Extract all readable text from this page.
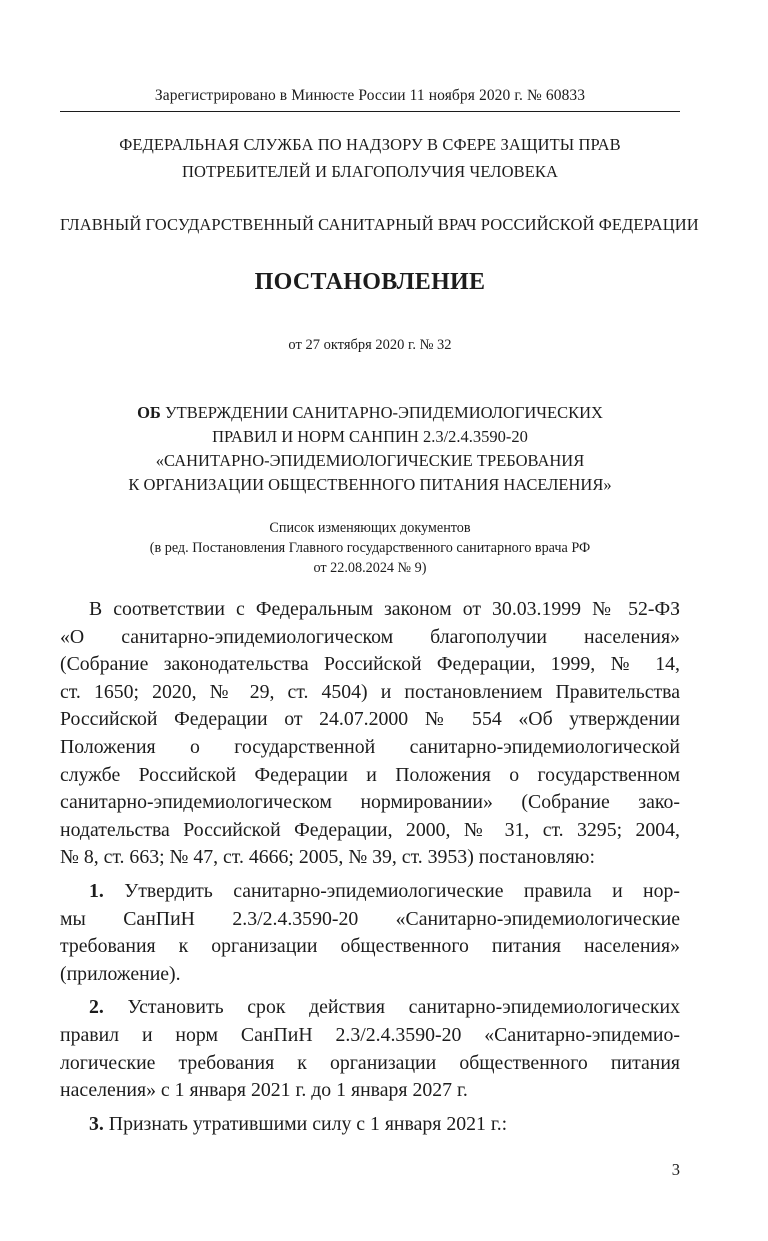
Зарегистрировано в Минюсте России 11 ноября 2020 г. № 60833
ФЕДЕРАЛЬНАЯ СЛУЖБА ПО НАДЗОРУ В СФЕРЕ ЗАЩИТЫ ПРАВ
ПОТРЕБИТЕЛЕЙ И БЛАГОПОЛУЧИЯ ЧЕЛОВЕКА
ГЛАВНЫЙ ГОСУДАРСТВЕННЫЙ САНИТАРНЫЙ ВРАЧ РОССИЙСКОЙ ФЕДЕРАЦИИ
ПОСТАНОВЛЕНИЕ
от 27 октября 2020 г. № 32
ОБ УТВЕРЖДЕНИИ САНИТАРНО-ЭПИДЕМИОЛОГИЧЕСКИХ
ПРАВИЛ И НОРМ САНПИН 2.3/2.4.3590-20
«САНИТАРНО-ЭПИДЕМИОЛОГИЧЕСКИЕ ТРЕБОВАНИЯ
К ОРГАНИЗАЦИИ ОБЩЕСТВЕННОГО ПИТАНИЯ НАСЕЛЕНИЯ»
Список изменяющих документов
(в ред. Постановления Главного государственного санитарного врача РФ
от 22.08.2024 № 9)
В соответствии с Федеральным законом от 30.03.1999 № 52-ФЗ
«О санитарно-эпидемиологическом благополучии населения»
(Собрание законодательства Российской Федерации, 1999, № 14,
ст. 1650; 2020, № 29, ст. 4504) и постановлением Правительства
Российской Федерации от 24.07.2000 № 554 «Об утверждении
Положения о государственной санитарно-эпидемиологической
службе Российской Федерации и Положения о государственном
санитарно-эпидемиологическом нормировании» (Собрание зако-
нодательства Российской Федерации, 2000, № 31, ст. 3295; 2004,
№ 8, ст. 663; № 47, ст. 4666; 2005, № 39, ст. 3953) постановляю:
1. Утвердить санитарно-эпидемиологические правила и нор-
мы СанПиН 2.3/2.4.3590-20 «Санитарно-эпидемиологические
требования к организации общественного питания населения»
(приложение).
2. Установить срок действия санитарно-эпидемиологических
правил и норм СанПиН 2.3/2.4.3590-20 «Санитарно-эпидемио-
логические требования к организации общественного питания
населения» с 1 января 2021 г. до 1 января 2027 г.
3. Признать утратившими силу с 1 января 2021 г.:
3
